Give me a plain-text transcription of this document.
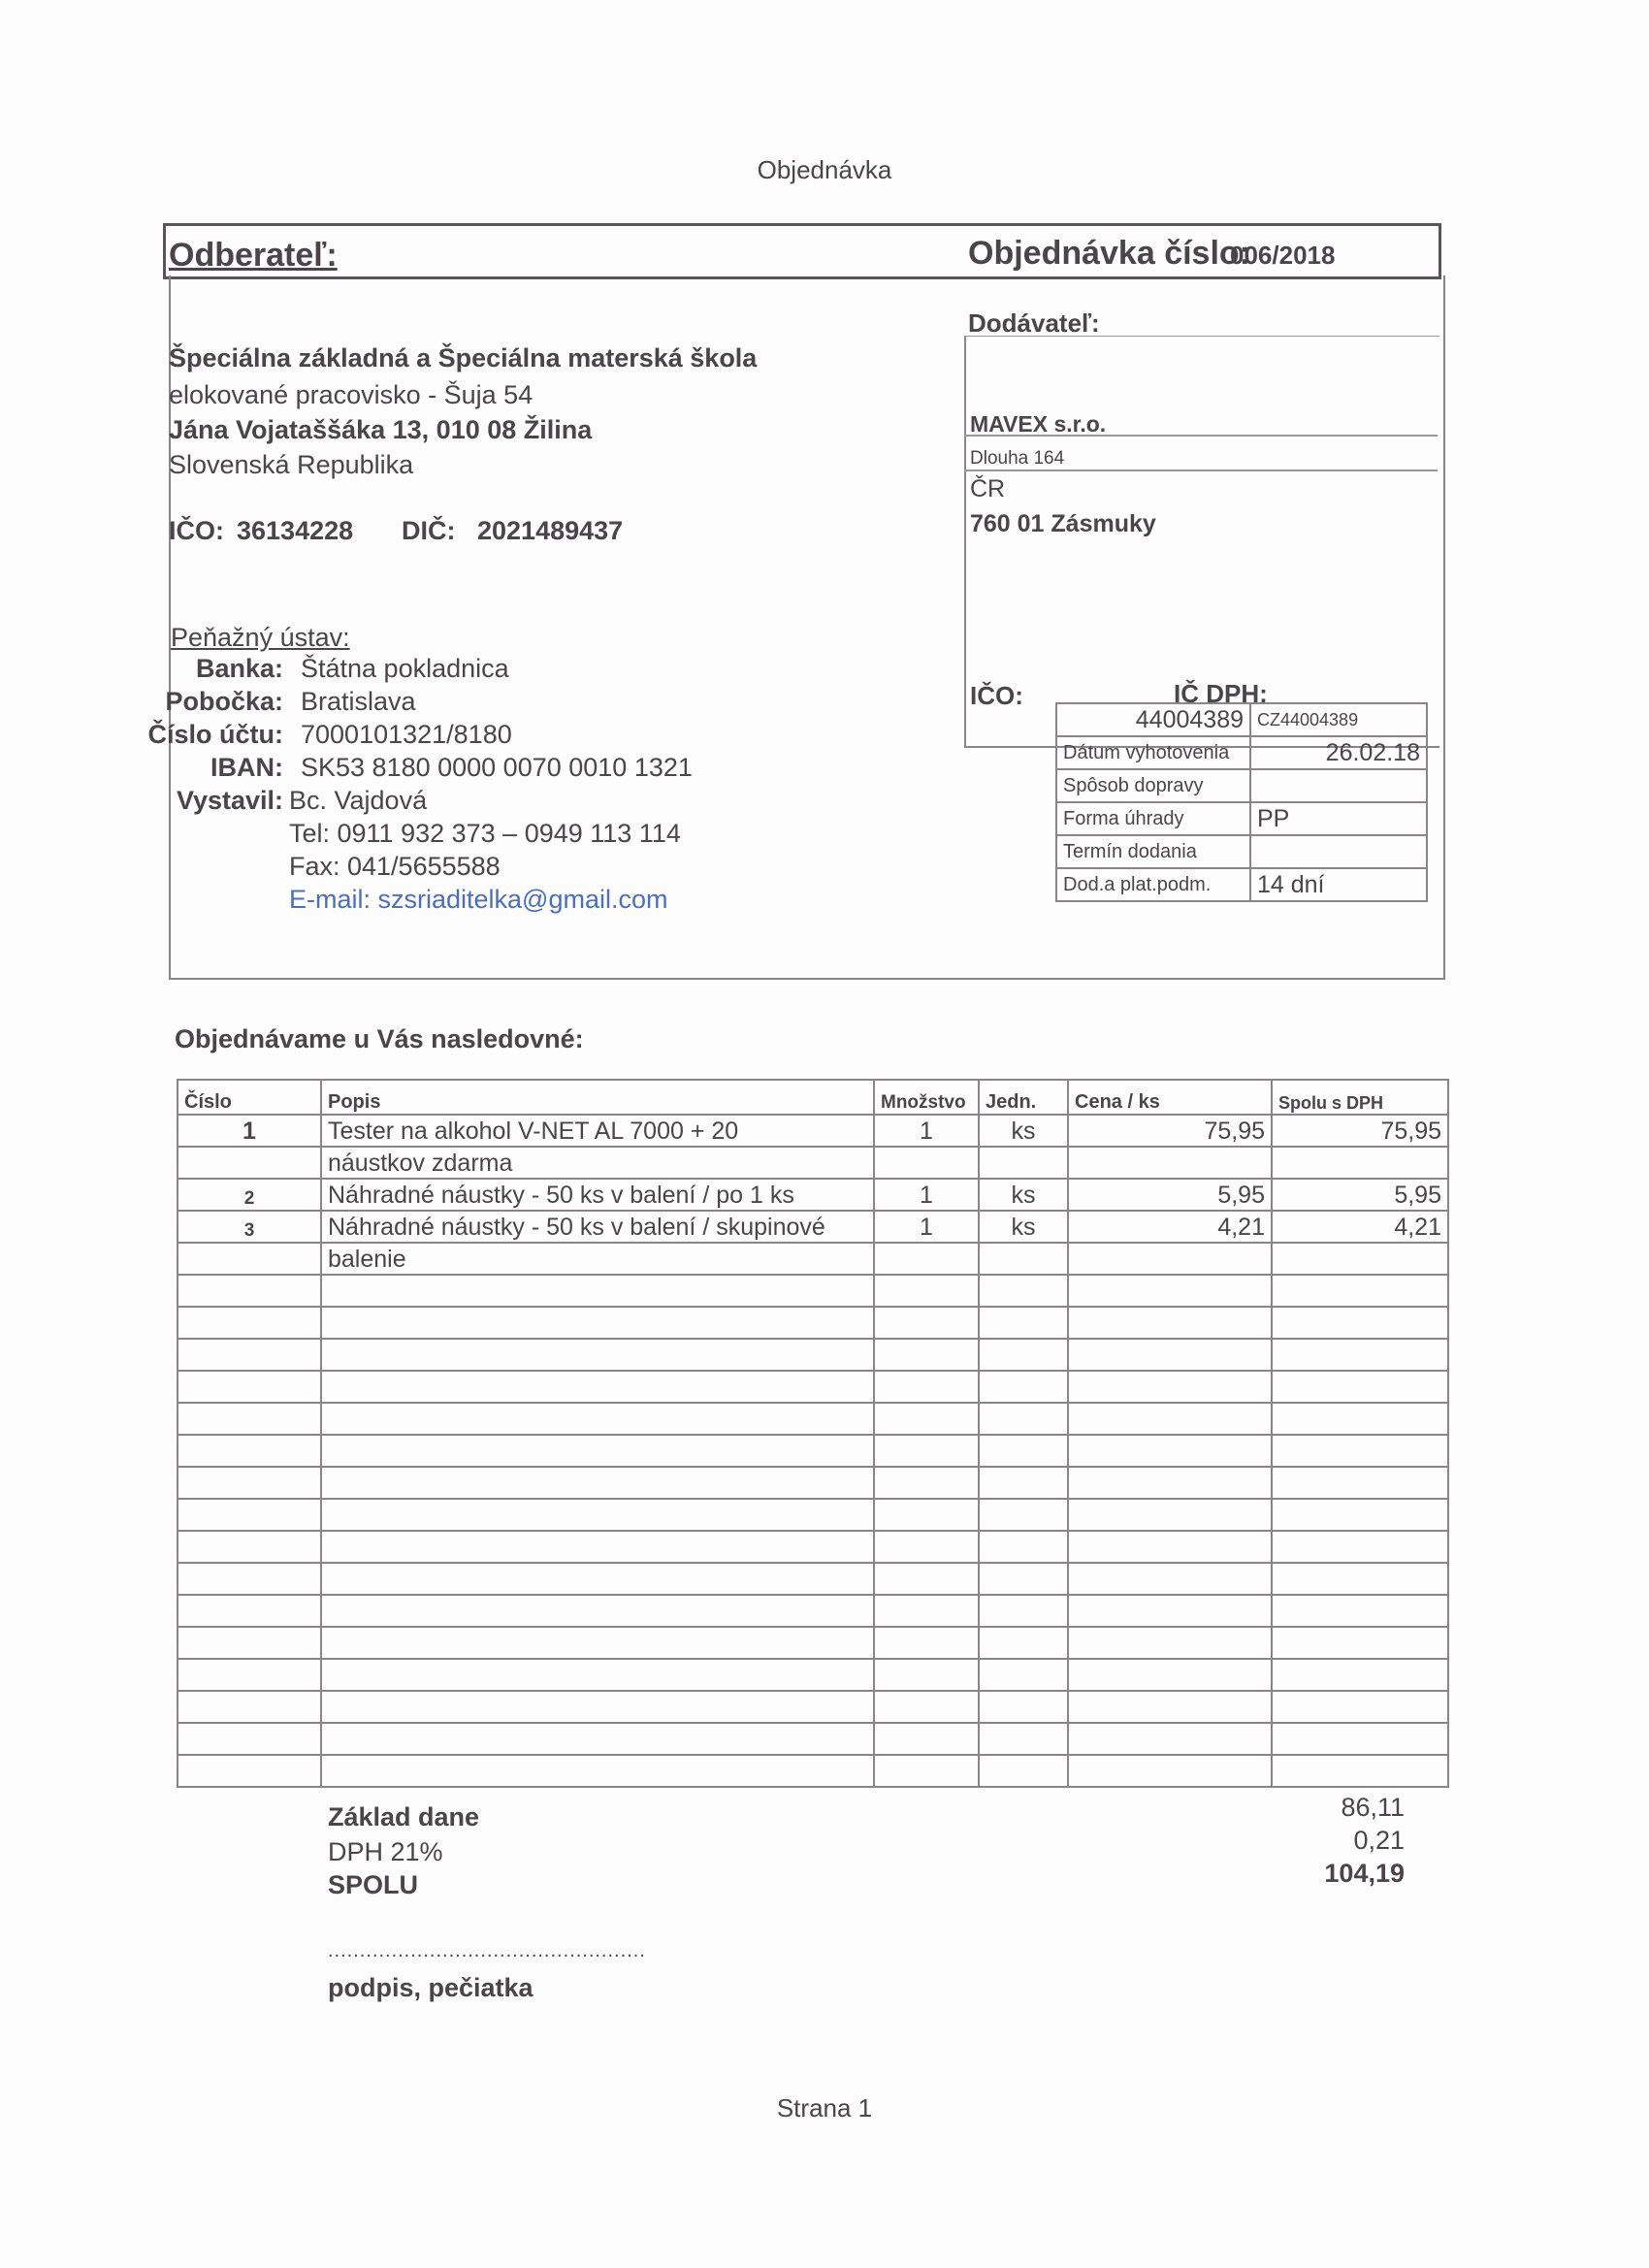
Objednávka
Odberateľ:	Objednávka číslo:
006/2018
Špeciálna základná a Špeciálna materská škola
elokované pracovisko - Šuja 54
Jána Vojataššáka 13, 010 08 Žilina
Slovenská Republika
IČO: 36134228 DIČ: 2021489437
Peňažný ústav:
Banka: Štátna pokladnica
Pobočka: Bratislava
Číslo účtu: 7000101321/8180
IBAN: SK53 8180 0000 0070 0010 1321
Vystavil: Bc. Vajdová
Tel: 0911 932 373 – 0949 113 114
Fax: 041/5655588
E-mail: szsriaditelka@gmail.com
Dodávateľ:
MAVEX s.r.o.
Dlouha 164
ČR
760 01 Zásmuky
IČO:	IČ DPH:
44004389	CZ44004389
Dátum vyhotovenia	26.02.18
Spôsob dopravy	
Forma úhrady	PP
Termín dodania	
Dod.a plat.podm.	14 dní
Objednávame u Vás nasledovné:
Číslo	Popis	Množstvo	Jedn.	Cena / ks	Spolu s DPH
1	Tester na alkohol V-NET AL 7000 + 20	1	ks	75,95	75,95
	náustkov zdarma				
2	Náhradné náustky - 50 ks v balení / po 1 ks	1	ks	5,95	5,95
3	Náhradné náustky - 50 ks v balení / skupinové	1	ks	4,21	4,21
	balenie				

Základ dane	86,11
DPH 21%	0,21
SPOLU	104,19
..................................................
podpis, pečiatka
Strana 1
